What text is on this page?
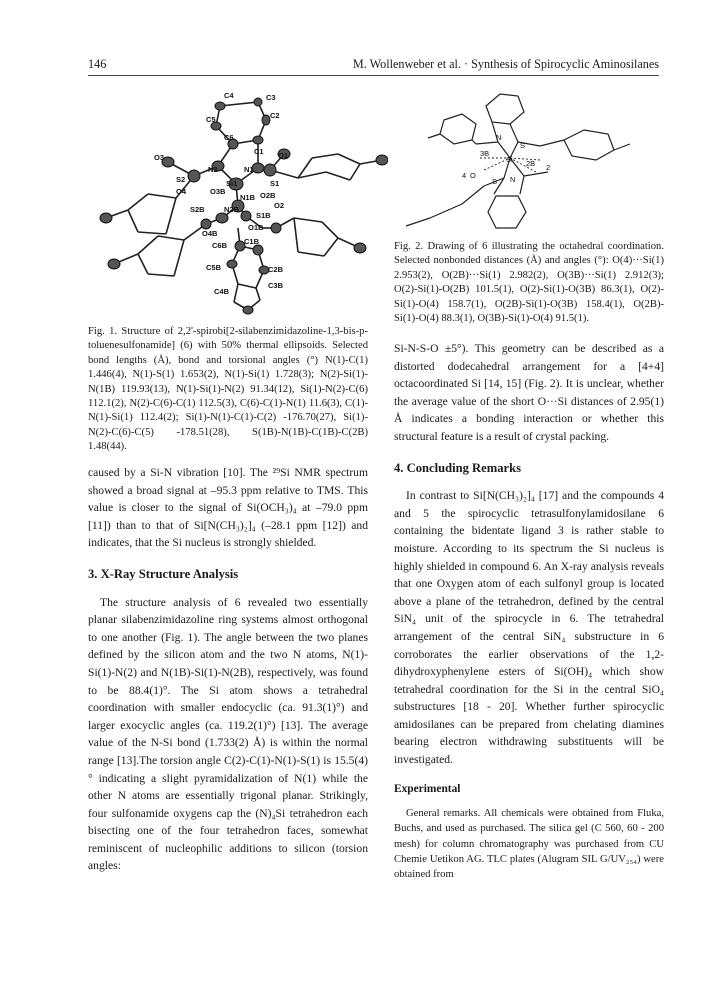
146	M. Wollenweber et al. · Synthesis of Spirocyclic Aminosilanes
C4	C3
C5	C2
C6
C1 O1
O3
N2	N1
S2	Si1	S1
O4	O3B	O2B
O2
N1B
S2B	N2B
S1B
O4B
O1B
C6B C1B
C5B	C2B
C4B
C3B
3B
2B
4 O
2
Si
N
N
S
S
Fig. 2. Drawing of 6 illustrating the octahedral coordination. Selected nonbonded distances (Å) and angles (°): O(4)···Si(1) 2.953(2), O(2B)···Si(1) 2.982(2), O(3B)···Si(1) 2.912(3); O(2)-Si(1)-O(2B) 101.5(1), O(2)-Si(1)-O(3B) 86.3(1), O(2)-Si(1)-O(4) 158.7(1), O(2B)-Si(1)-O(3B) 158.4(1), O(2B)-Si(1)-O(4) 88.3(1), O(3B)-Si(1)-O(4) 91.5(1).
Fig. 1. Structure of 2,2'-spirobi[2-silabenzimidazoline-1,3-bis-p-toluenesulfonamide] (6) with 50% thermal ellipsoids. Selected bond lengths (Å), bond and torsional angles (°) N(1)-C(1) 1.446(4), N(1)-S(1) 1.653(2), N(1)-Si(1) 1.728(3); N(2)-Si(1)-N(1B) 119.93(13), N(1)-Si(1)-N(2) 91.34(12), Si(1)-N(2)-C(6) 112.1(2), N(2)-C(6)-C(1) 112.5(3), C(6)-C(1)-N(1) 11.6(3), C(1)-N(1)-Si(1) 112.4(2); Si(1)-N(1)-C(1)-C(2) -176.70(27), Si(1)-N(2)-C(6)-C(5) -178.51(28), S(1B)-N(1B)-C(1B)-C(2B) 1.48(44).

caused by a Si-N vibration [10]. The ²⁹Si NMR spectrum showed a broad signal at –95.3 ppm relative to TMS. This value is closer to the signal of Si(OCH₃)₄ at –79.0 ppm [11]) than to that of Si[N(CH₃)₂]₄ (–28.1 ppm [12]) and indicates, that the Si nucleus is strongly shielded.

3. X-Ray Structure Analysis

The structure analysis of 6 revealed two essentially planar silabenzimidazoline ring systems almost orthogonal to one another (Fig. 1). The angle between the two planes defined by the silicon atom and the two N atoms, N(1)-Si(1)-N(2) and N(1B)-Si(1)-N(2B), respectively, was found to be 88.4(1)°. The Si atom shows a tetrahedral coordination with smaller endocyclic (ca. 91.3(1)°) and larger exocyclic angles (ca. 119.2(1)°) [13]. The average value of the N-Si bond (1.733(2) Å) is within the normal range [13].The torsion angle C(2)-C(1)-N(1)-S(1) is 15.5(4)° indicating a slight pyramidalization of N(1) while the other N atoms are essentially trigonal planar. Strikingly, four sulfonamide oxygens cap the (N)₄Si tetrahedron each bisecting one of the four tetrahedron faces, somewhat reminiscent of nucleophilic additions to silicon (torsion angles:

Si-N-S-O ±5°). This geometry can be described as a distorted dodecahedral arrangement for a [4+4] octacoordinated Si [14, 15] (Fig. 2). It is unclear, whether the average value of the short O···Si distances of 2.95(1) Å indicates a bonding interaction or whether this structural feature is a result of crystal packing.

4. Concluding Remarks

In contrast to Si[N(CH₃)₂]₄ [17] and the compounds 4 and 5 the spirocyclic tetrasulfonylamidosilane 6 containing the bidentate ligand 3 is rather stable to moisture. According to its spectrum the Si nucleus is highly shielded in compound 6. An X-ray analysis reveals that one Oxygen atom of each sulfonyl group is located above a plane of the tetrahedron, defined by the central SiN₄ unit of the spirocycle in 6. The tetrahedral arrangement of the central SiN₄ substructure in 6 corroborates the earlier observations of the 1,2-dihydroxyphenylene esters of Si(OH)₄ which show tetrahedral coordination for the Si in the central SiO₄ substructures [18 - 20]. Whether further spirocyclic amidosilanes can be prepared from chelating diamines bearing electron withdrawing substituents will be investigated.

Experimental

General remarks. All chemicals were obtained from Fluka, Buchs, and used as purchased. The silica gel (C 560, 60 - 200 mesh) for column chromatography was purchased from CU Chemie Uetikon AG. TLC plates (Alugram SIL G/UV₂₅₄) were obtained from
